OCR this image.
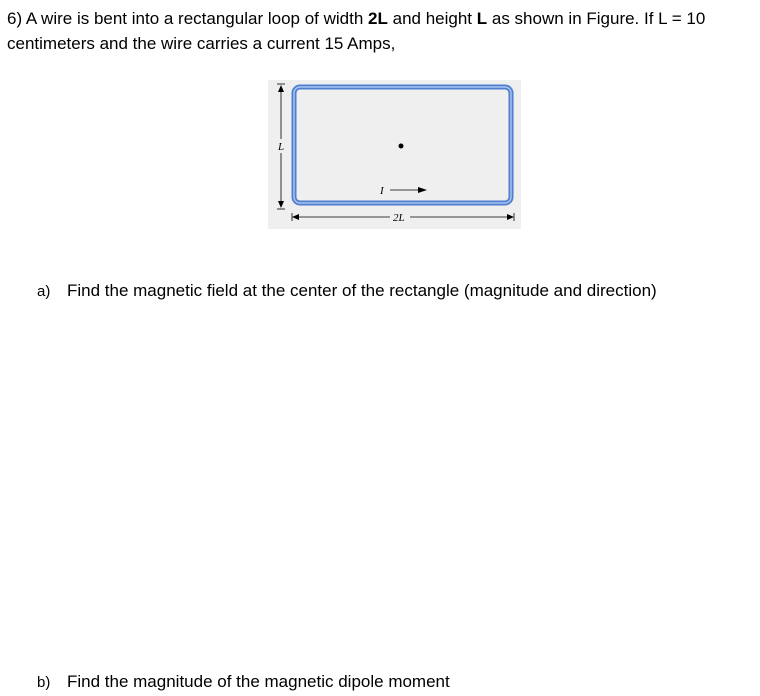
6) A wire is bent into a rectangular loop of width 2L and height L as shown in Figure. If L = 10
centimeters and the wire carries a current 15 Amps,
I
L
2L
a) Find the magnetic field at the center of the rectangle (magnitude and direction)
b) Find the magnitude of the magnetic dipole moment
